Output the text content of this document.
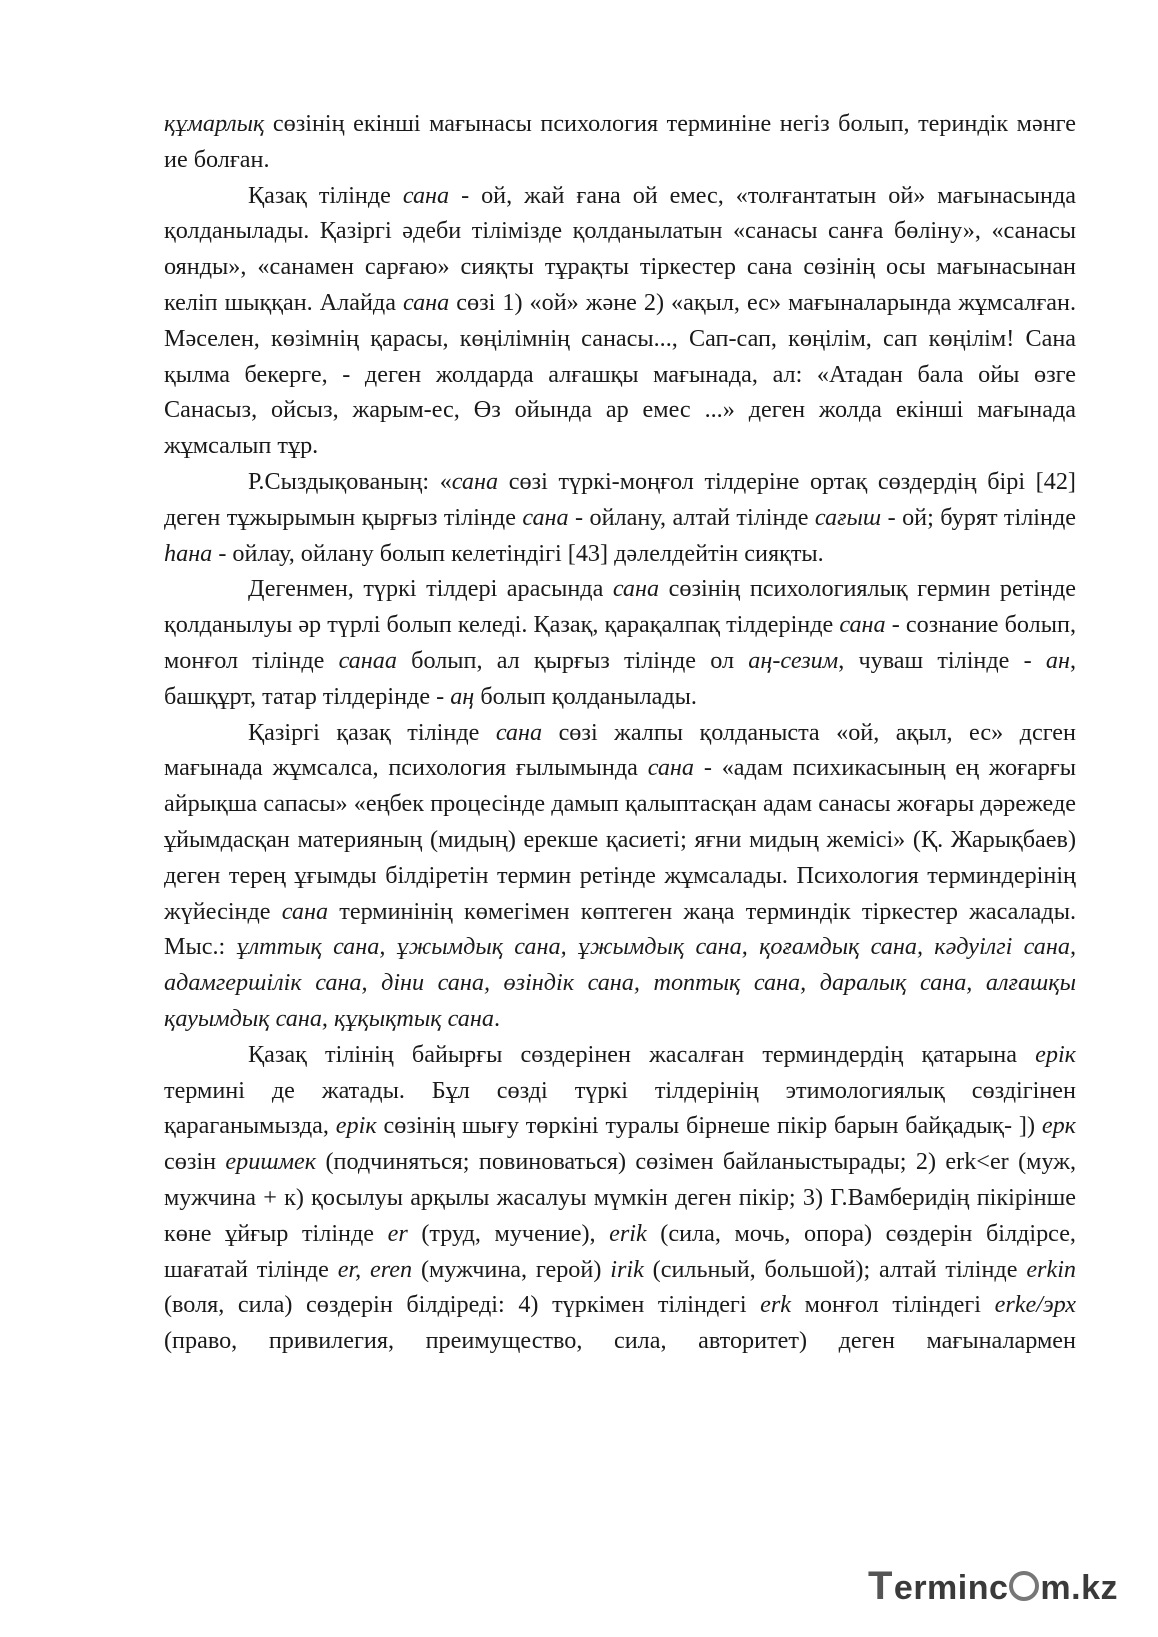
құмарлық сөзінің екінші мағынасы психология терминіне негіз болып, териндік мәнге ие болған.

Қазақ тілінде сана - ой, жай ғана ой емес, «толғантатын ой» мағынасында қолданылады. Қазіргі әдеби тілімізде қолданылатын «санасы санға бөліну», «санасы оянды», «санамен сарғаю» сияқты тұрақты тіркестер сана сөзінің осы мағынасынан келіп шыққан. Алайда сана сөзі 1) «ой» және 2) «ақыл, ес» мағыналарында жұмсалған. Мәселен, көзімнің қарасы, көңілімнің санасы..., Сап-сап, көңілім, сап көңілім! Сана қылма бекерге, - деген жолдарда алғашқы мағынада, ал: «Атадан бала ойы өзге Санасыз, ойсыз, жарым-ес, Өз ойында ар емес ...» деген жолда екінші мағынада жұмсалып тұр.

Р.Сыздықованың: «сана сөзі түркі-моңғол тілдеріне ортақ сөздердің бірі [42] деген тұжырымын қырғыз тілінде сана - ойлану, алтай тілінде сағыш - ой; бурят тілінде һана - ойлау, ойлану болып келетіндігі [43] дәлелдейтін сияқты.

Дегенмен, түркі тілдері арасында сана сөзінің психологиялық гермин ретінде қолданылуы әр түрлі болып келеді. Қазақ, қарақалпақ тілдерінде сана - сознание болып, монғол тілінде санаа болып, ал қырғыз тілінде ол аң-сезим, чуваш тілінде - ан, башқұрт, татар тілдерінде - аң болып қолданылады.

Қазіргі қазақ тілінде сана сөзі жалпы қолданыста «ой, ақыл, ес» дсген мағынада жұмсалса, психология ғылымында сана - «адам психикасының ең жоғарғы айрықша сапасы» «еңбек процесінде дамып қалыптасқан адам санасы жоғары дәрежеде ұйымдасқан материяның (мидың) ерекше қасиеті; яғни мидың жемісі» (Қ. Жарықбаев) деген терең ұғымды білдіретін термин ретінде жұмсалады. Психология терминдерінің жүйесінде сана терминінің көмегімен көптеген жаңа терминдік тіркестер жасалады. Мыс.: ұлттық сана, ұжымдық сана, ұжымдық сана, қоғамдық сана, кәдуілгі сана, адамгершілік сана, діни сана, өзіндік сана, топтық сана, даралық сана, алғашқы қауымдық сана, құқықтық сана.

Қазақ тілінің байырғы сөздерінен жасалған терминдердің қатарына ерік термині де жатады. Бұл сөзді түркі тілдерінің этимологиялық сөздігінен қараганымызда, ерік сөзінің шығу төркіні туралы бірнеше пікір барын байқадық- ]) ерк сөзін еришмек (подчиняться; повиноваться) сөзімен байланыстырады; 2) erk<er (муж, мужчина + к) қосылуы арқылы жасалуы мүмкін деген пікір; 3) Г.Вамберидің пікірінше көне ұйғыр тілінде er (труд, мучение), erik (сила, мочь, опора) сөздерін білдірсе, шағатай тілінде er, eren (мужчина, герой) irik (сильный, большой); алтай тілінде erkin (воля, сила) сөздерін білдіреді: 4) түркімен тіліндегі erk монғол тіліндегі erke/эрх (право, привилегия, преимущество, сила, авторитет) деген мағыналармен

T erminc m.kz
